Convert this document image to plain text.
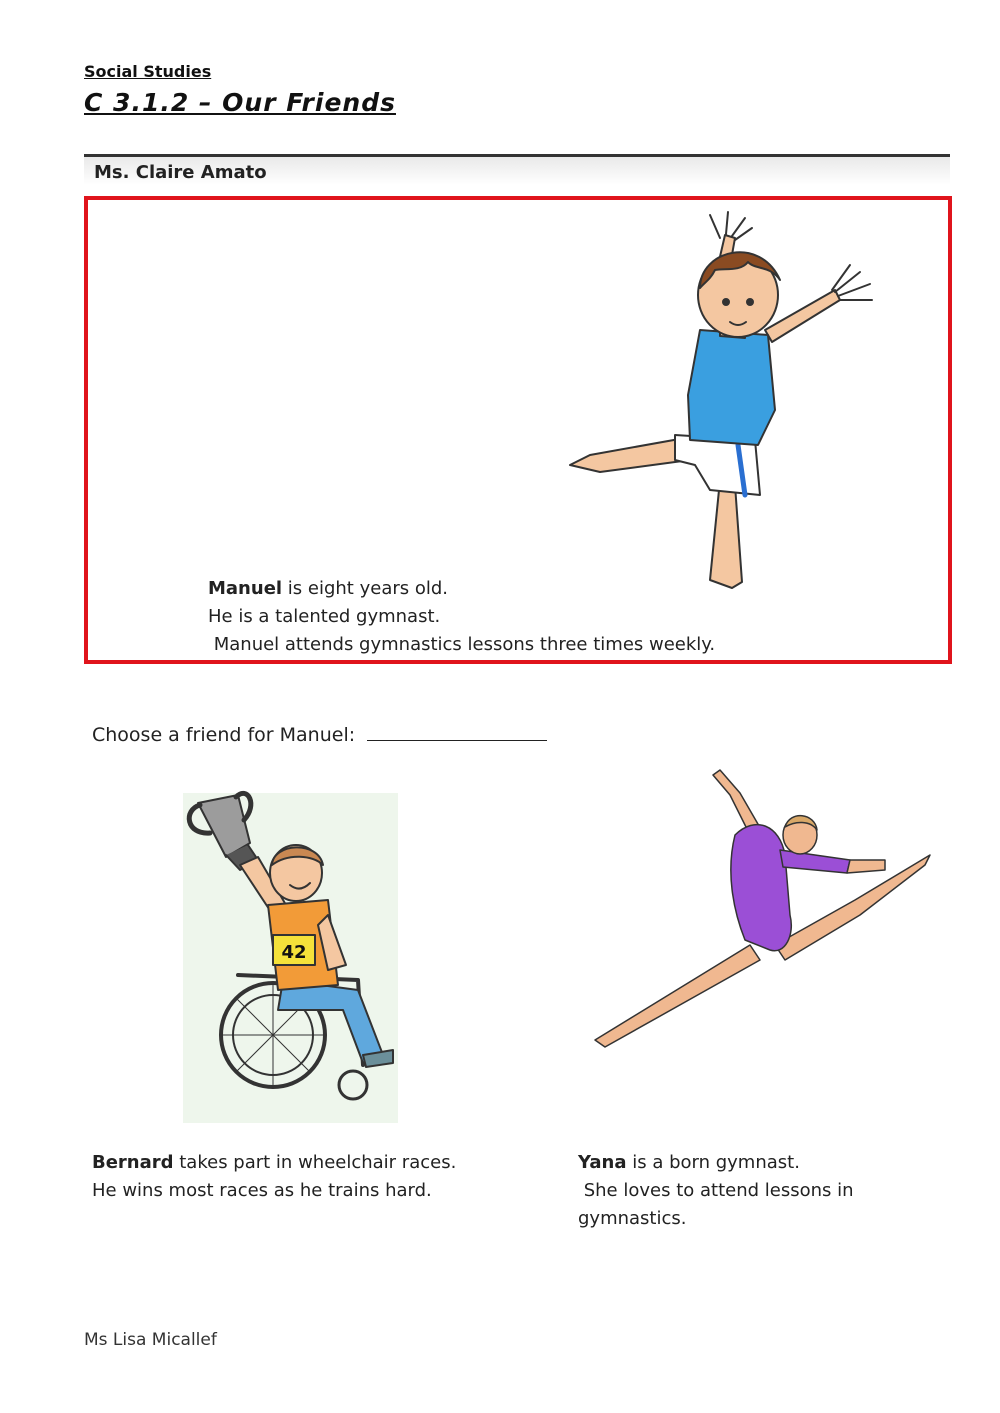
Social Studies
C 3.1.2 – Our Friends
Ms. Claire Amato
Manuel is eight years old.
He is a talented gymnast.
Manuel attends gymnastics lessons three times weekly.
Choose a friend for Manuel:
42
Bernard takes part in wheelchair races.
He wins most races as he trains hard.
Yana is a born gymnast.
She loves to attend lessons in
gymnastics.
Ms Lisa Micallef
